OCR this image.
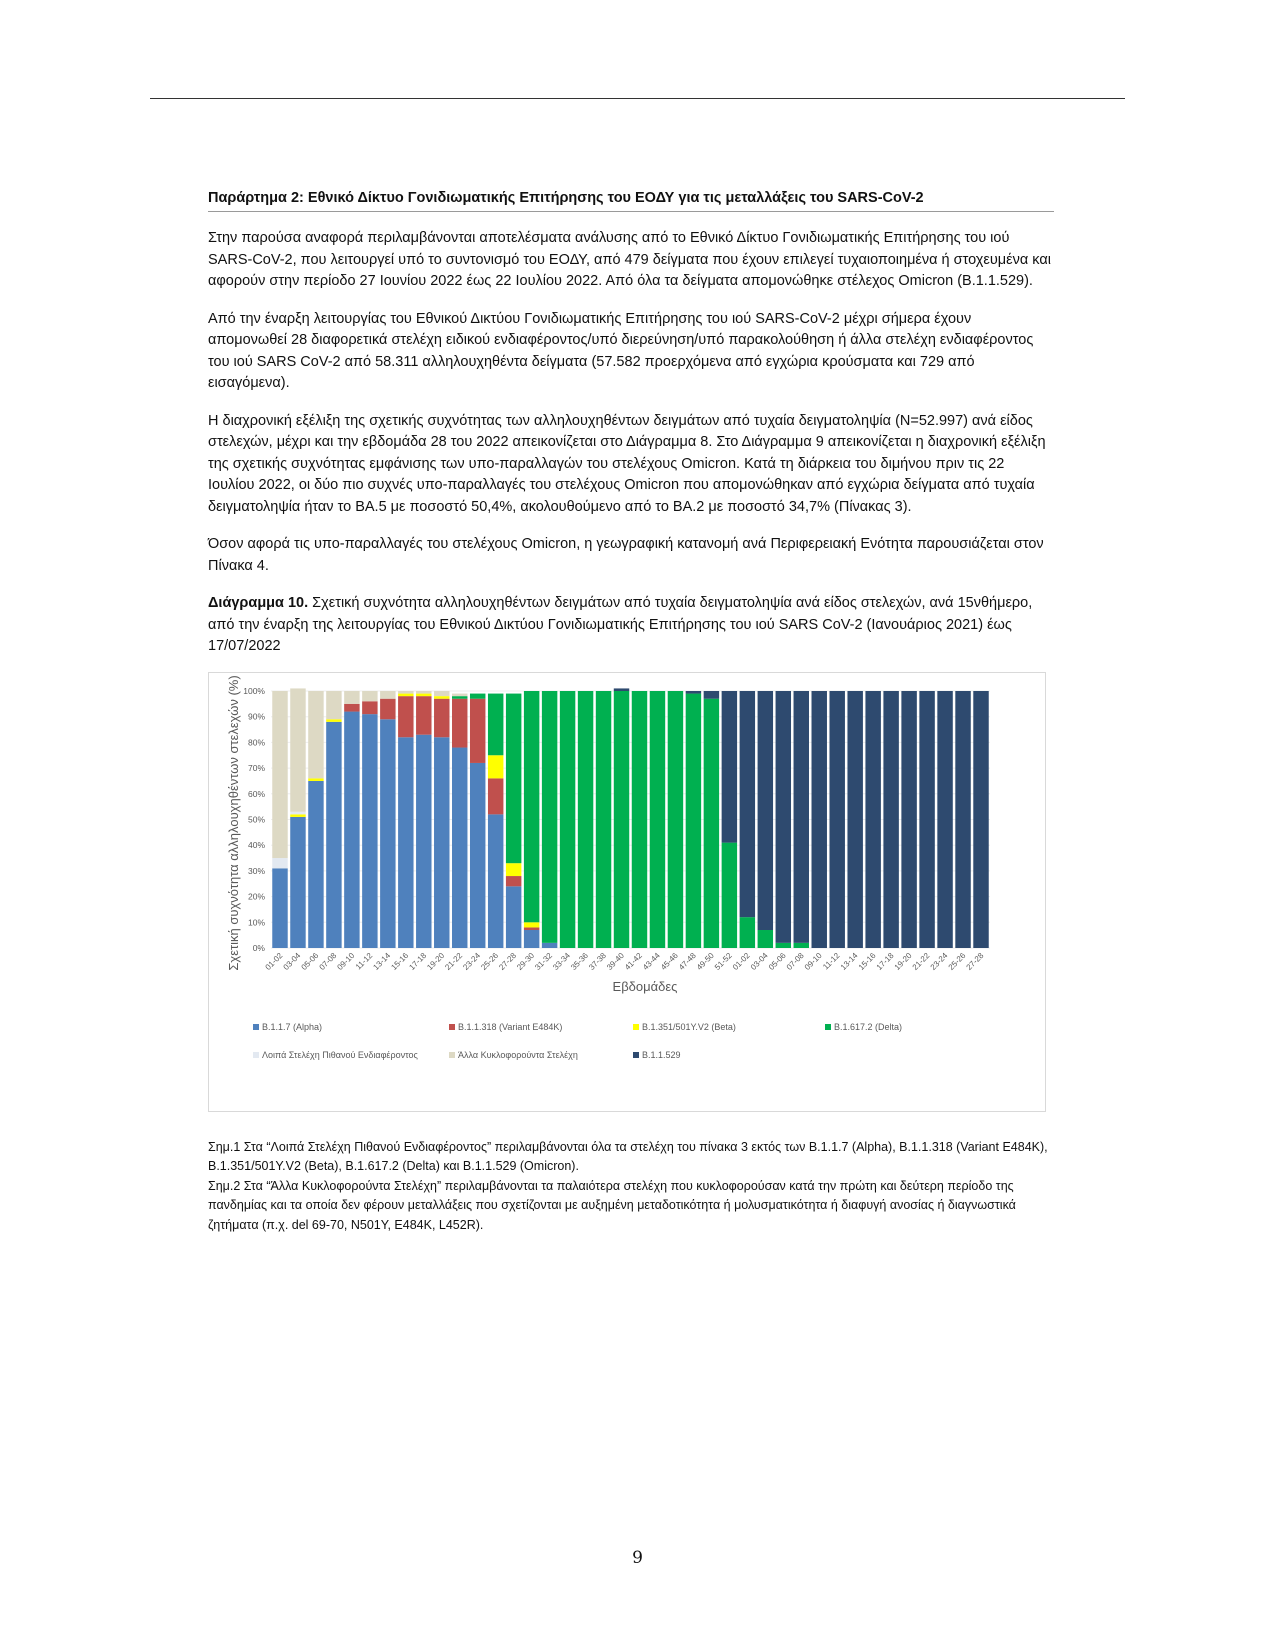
Παράρτημα 2: Εθνικό Δίκτυο Γονιδιωματικής Επιτήρησης του ΕΟΔΥ για τις μεταλλάξεις του SARS-CoV-2

Στην παρούσα αναφορά περιλαμβάνονται αποτελέσματα ανάλυσης από το Εθνικό Δίκτυο Γονιδιωματικής Επιτήρησης του ιού SARS-CoV-2, που λειτουργεί υπό το συντονισμό του ΕΟΔΥ, από 479 δείγματα που έχουν επιλεγεί τυχαιοποιημένα ή στοχευμένα και αφορούν στην περίοδο 27 Ιουνίου 2022 έως 22 Ιουλίου 2022. Από όλα τα δείγματα απομονώθηκε στέλεχος Omicron (B.1.1.529).

Από την έναρξη λειτουργίας του Εθνικού Δικτύου Γονιδιωματικής Επιτήρησης του ιού SARS-CoV-2 μέχρι σήμερα έχουν απομονωθεί 28 διαφορετικά στελέχη ειδικού ενδιαφέροντος/υπό διερεύνηση/υπό παρακολούθηση ή άλλα στελέχη ενδιαφέροντος του ιού SARS CoV-2 από 58.311 αλληλουχηθέντα δείγματα (57.582 προερχόμενα από εγχώρια κρούσματα και 729 από εισαγόμενα).

Η διαχρονική εξέλιξη της σχετικής συχνότητας των αλληλουχηθέντων δειγμάτων από τυχαία δειγματοληψία (N=52.997) ανά είδος στελεχών, μέχρι και την εβδομάδα 28 του 2022 απεικονίζεται στο Διάγραμμα 8. Στο Διάγραμμα 9 απεικονίζεται η διαχρονική εξέλιξη της σχετικής συχνότητας εμφάνισης των υπο-παραλλαγών του στελέχους Omicron. Κατά τη διάρκεια του διμήνου πριν τις 22 Ιουλίου 2022, οι δύο πιο συχνές υπο-παραλλαγές του στελέχους Omicron που απομονώθηκαν από εγχώρια δείγματα από τυχαία δειγματοληψία ήταν το BA.5 με ποσοστό 50,4%, ακολουθούμενο από το BA.2 με ποσοστό 34,7% (Πίνακας 3).

Όσον αφορά τις υπο-παραλλαγές του στελέχους Omicron, η γεωγραφική κατανομή ανά Περιφερειακή Ενότητα παρουσιάζεται στον Πίνακα 4.

Διάγραμμα 10. Σχετική συχνότητα αλληλουχηθέντων δειγμάτων από τυχαία δειγματοληψία ανά είδος στελεχών, ανά 15νθήμερο, από την έναρξη της λειτουργίας του Εθνικού Δικτύου Γονιδιωματικής Επιτήρησης του ιού SARS CoV-2 (Ιανουάριος 2021) έως 17/07/2022
0%
10%
20%
30%
40%
50%
60%
70%
80%
90%
100%
01-02
03-04
05-06
07-08
09-10
11-12
13-14
15-16
17-18
19-20
21-22
23-24
25-26
27-28
29-30
31-32
33-34
35-36
37-38
39-40
41-42
43-44
45-46
47-48
49-50
51-52
01-02
03-04
05-06
07-08
09-10
11-12
13-14
15-16
17-18
19-20
21-22
23-24
25-26
27-28
Σχετική συχνότητα αλληλουχηθέντων στελεχών (%)
Εβδομάδες
B.1.1.7 (Alpha)	B.1.1.318 (Variant E484K)	B.1.351/501Y.V2 (Beta)	B.1.617.2 (Delta)
Λοιπά Στελέχη Πιθανού Ενδιαφέροντος	Άλλα Κυκλοφορούντα Στελέχη	B.1.1.529
Σημ.1 Στα “Λοιπά Στελέχη Πιθανού Ενδιαφέροντος” περιλαμβάνονται όλα τα στελέχη του πίνακα 3 εκτός των B.1.1.7 (Alpha), B.1.1.318 (Variant E484K), B.1.351/501Y.V2 (Beta), B.1.617.2 (Delta) και B.1.1.529 (Omicron).
Σημ.2 Στα “Άλλα Κυκλοφορούντα Στελέχη” περιλαμβάνονται τα παλαιότερα στελέχη που κυκλοφορούσαν κατά την πρώτη και δεύτερη περίοδο της πανδημίας και τα οποία δεν φέρουν μεταλλάξεις που σχετίζονται με αυξημένη μεταδοτικότητα ή μολυσματικότητα ή διαφυγή ανοσίας ή διαγνωστικά ζητήματα (π.χ. del 69-70, N501Y, E484K, L452R).
9
